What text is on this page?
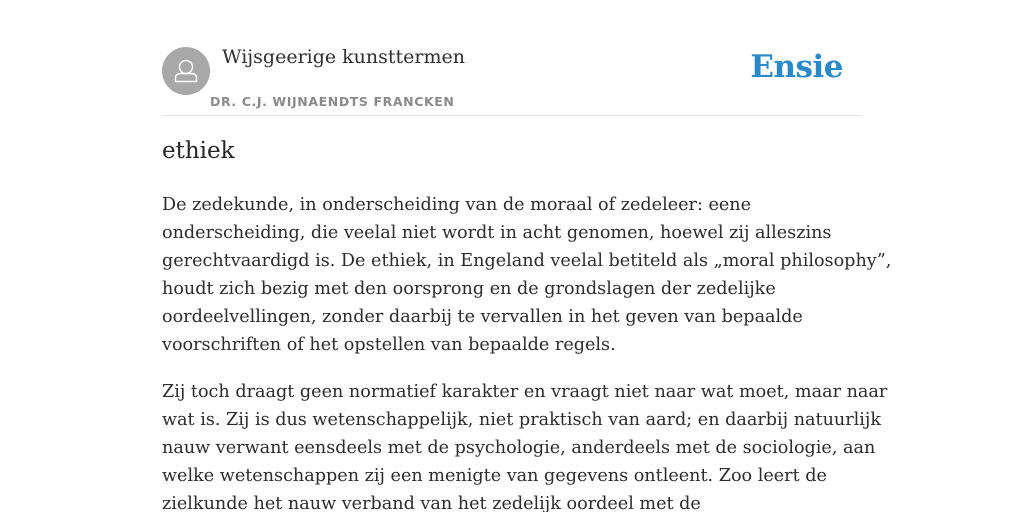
Wijsgeerige kunsttermen
DR. C.J. WIJNAENDTS FRANCKEN
Ensie
ethiek

De zedekunde, in onderscheiding van de moraal of zedeleer: eene
onderscheiding, die veelal niet wordt in acht genomen, hoewel zij alleszins
gerechtvaardigd is. De ethiek, in Engeland veelal betiteld als „moral philosophy”,
houdt zich bezig met den oorsprong en de grondslagen der zedelijke
oordeelvellingen, zonder daarbij te vervallen in het geven van bepaalde
voorschriften of het opstellen van bepaalde regels.

Zij toch draagt geen normatief karakter en vraagt niet naar wat moet, maar naar
wat is. Zij is dus wetenschappelijk, niet praktisch van aard; en daarbij natuurlijk
nauw verwant eensdeels met de psychologie, anderdeels met de sociologie, aan
welke wetenschappen zij een menigte van gegevens ontleent. Zoo leert de
zielkunde het nauw verband van het zedelijk oordeel met de
